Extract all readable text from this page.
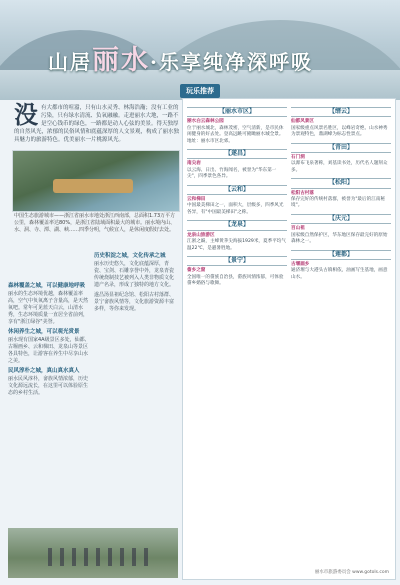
山居丽水·乐享纯净深呼吸
没 有大都市的喧嚣，只有山水灵秀、林海浩瀚；没有工业的污染，只有绿水清流、负氧融融。走进丽水大地，一路不是空心钱币的绿色，一路都是动人心弦的美景。得天独厚的自然风光，浓郁的民俗风情和底蕴深厚的人文景观，构成了丽水独具魅力的旅游特色。优美丽水一片桃源风光。
中国生态旅游城市——浙江省丽水市地处浙江西南部，总面积1.73万平方公里，森林覆盖率达80%，是浙江省陆域面积最大的城市。丽水境内山、水、洞、寺、潭、湖、峡……四季分明，气候宜人，是休闲度假好去处。
森林覆盖之城，可以健康地呼吸
丽水的生态环境优越，森林覆盖率高，空气中负氧离子含量高，是天然氧吧。常年可见蓝天白云，山清水秀，生态环境质量一直居全省前列，享有"浙江绿谷"美誉。
休闲养生之城，可以观光赏景
丽水现有国家4A级景区多处，仙都、古堰画乡、云和梯田、龙泉山等景区各具特色，让游客在养生中尽享山水之美。
民风淳朴之城，真山真水真人
丽水民风淳朴，畲族风情浓郁，历史文化源远流长，在这里可以体验原生态的乡村生活。
历史积淀之城，文化传承之城
丽水历史悠久，文化底蕴深厚，青瓷、宝剑、石雕享誉中外，龙泉青瓷传统烧制技艺被列入人类非物质文化遗产名录，形成了独特的地方文化。
遂昌汤显祖纪念馆、松阳古村落群、景宁畲族风情等，文化旅游资源丰富多样，等你来发现。
玩乐推荐
【丽水市区】
丽水白云森林公园
位于丽水城北，森林茂密，空气清新，是市民休闲健身的好去处。登高远眺可俯瞰丽水城全景。地址：丽水市区北郊。
【遂昌】
南尖岩
以云海、日出、竹海闻名，被誉为"华东第一尖"，四季景色各异。
【云和】
云和梯田
中国最美梯田之一，面积大，层级多，四季风光各异，有"中国最美梯田"之称。
【龙泉】
龙泉山旅游区
江浙之巅，主峰黄茅尖海拔1929米，夏季平均气温22℃，是避暑胜地。
【景宁】
畲乡之窗
全国唯一的畲族自治县，畲族风情浓郁，可体验畲乡婚俗与歌舞。
【缙云】
仙都风景区
国家级重点风景名胜区，以峰岩奇绝、山水神秀为景观特色，鼎湖峰为标志性景点。
【青田】
石门洞
以瀑布飞泉著称，刘基读书处，历代名人题刻众多。
【松阳】
松阳古村落
保存完好的传统村落群，被誉为"最后的江南秘境"。
【庆元】
百山祖
国家级自然保护区，华东地区保存最完好的原始森林之一。
【莲都】
古堰画乡
通济堰与大港头古镇相依，油画写生基地，画意山水。
丽水市旅游委员会 www.gotols.com
